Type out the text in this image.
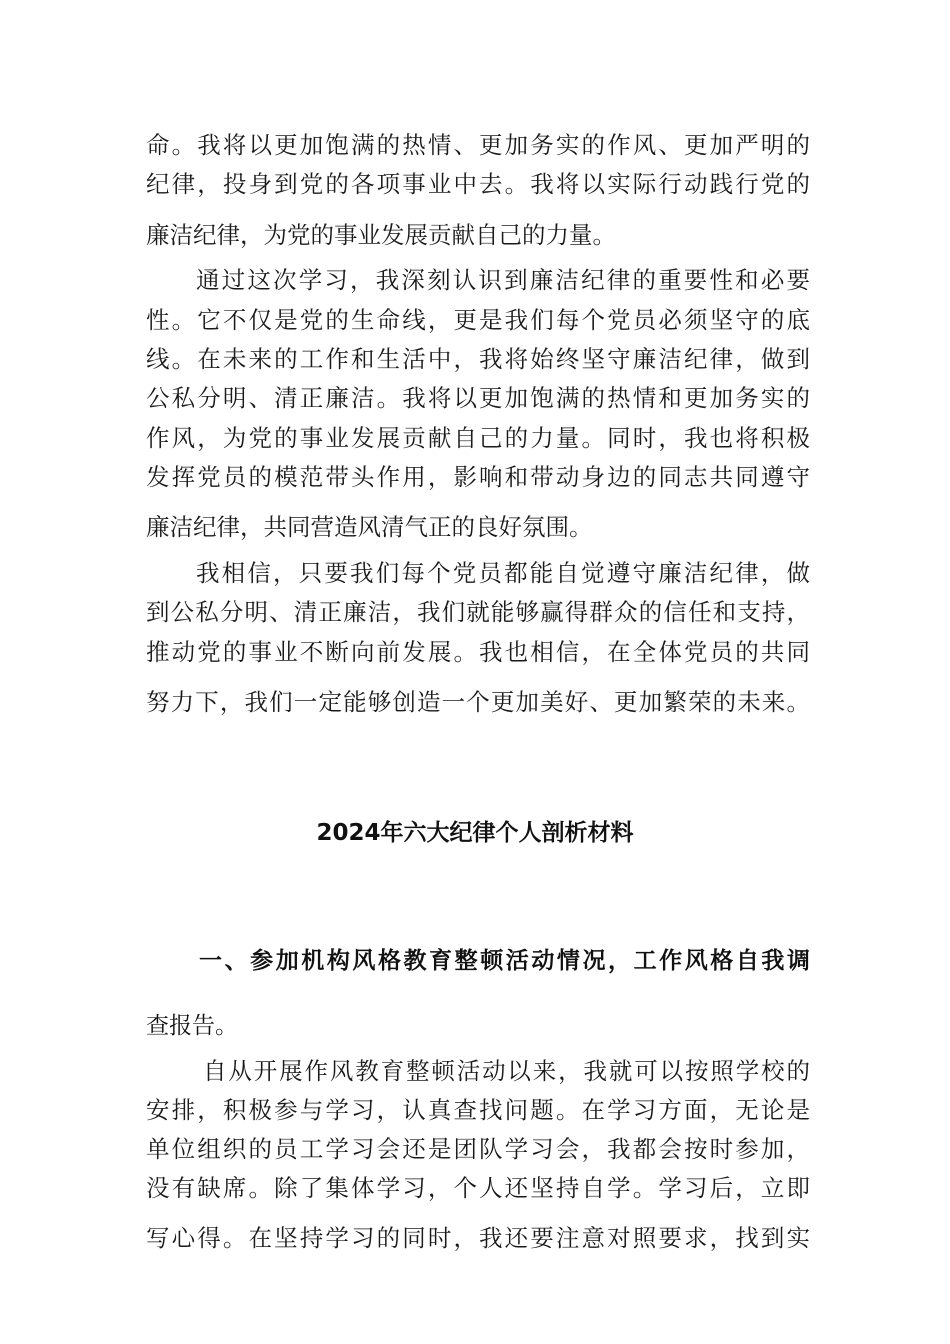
命。我将以更加饱满的热情、更加务实的作风、更加严明的
纪律，投身到党的各项事业中去。我将以实际行动践行党的
廉洁纪律，为党的事业发展贡献自己的力量。
通过这次学习，我深刻认识到廉洁纪律的重要性和必要
性。它不仅是党的生命线，更是我们每个党员必须坚守的底
线。在未来的工作和生活中，我将始终坚守廉洁纪律，做到
公私分明、清正廉洁。我将以更加饱满的热情和更加务实的
作风，为党的事业发展贡献自己的力量。同时，我也将积极
发挥党员的模范带头作用，影响和带动身边的同志共同遵守
廉洁纪律，共同营造风清气正的良好氛围。
我相信，只要我们每个党员都能自觉遵守廉洁纪律，做
到公私分明、清正廉洁，我们就能够赢得群众的信任和支持，
推动党的事业不断向前发展。我也相信，在全体党员的共同
努力下，我们一定能够创造一个更加美好、更加繁荣的未来。
2024年六大纪律个人剖析材料
一、参加机构风格教育整顿活动情况，工作风格自我调
查报告。
自从开展作风教育整顿活动以来，我就可以按照学校的
安排，积极参与学习，认真查找问题。在学习方面，无论是
单位组织的员工学习会还是团队学习会，我都会按时参加，
没有缺席。除了集体学习，个人还坚持自学。学习后，立即
写心得。在坚持学习的同时，我还要注意对照要求，找到实
